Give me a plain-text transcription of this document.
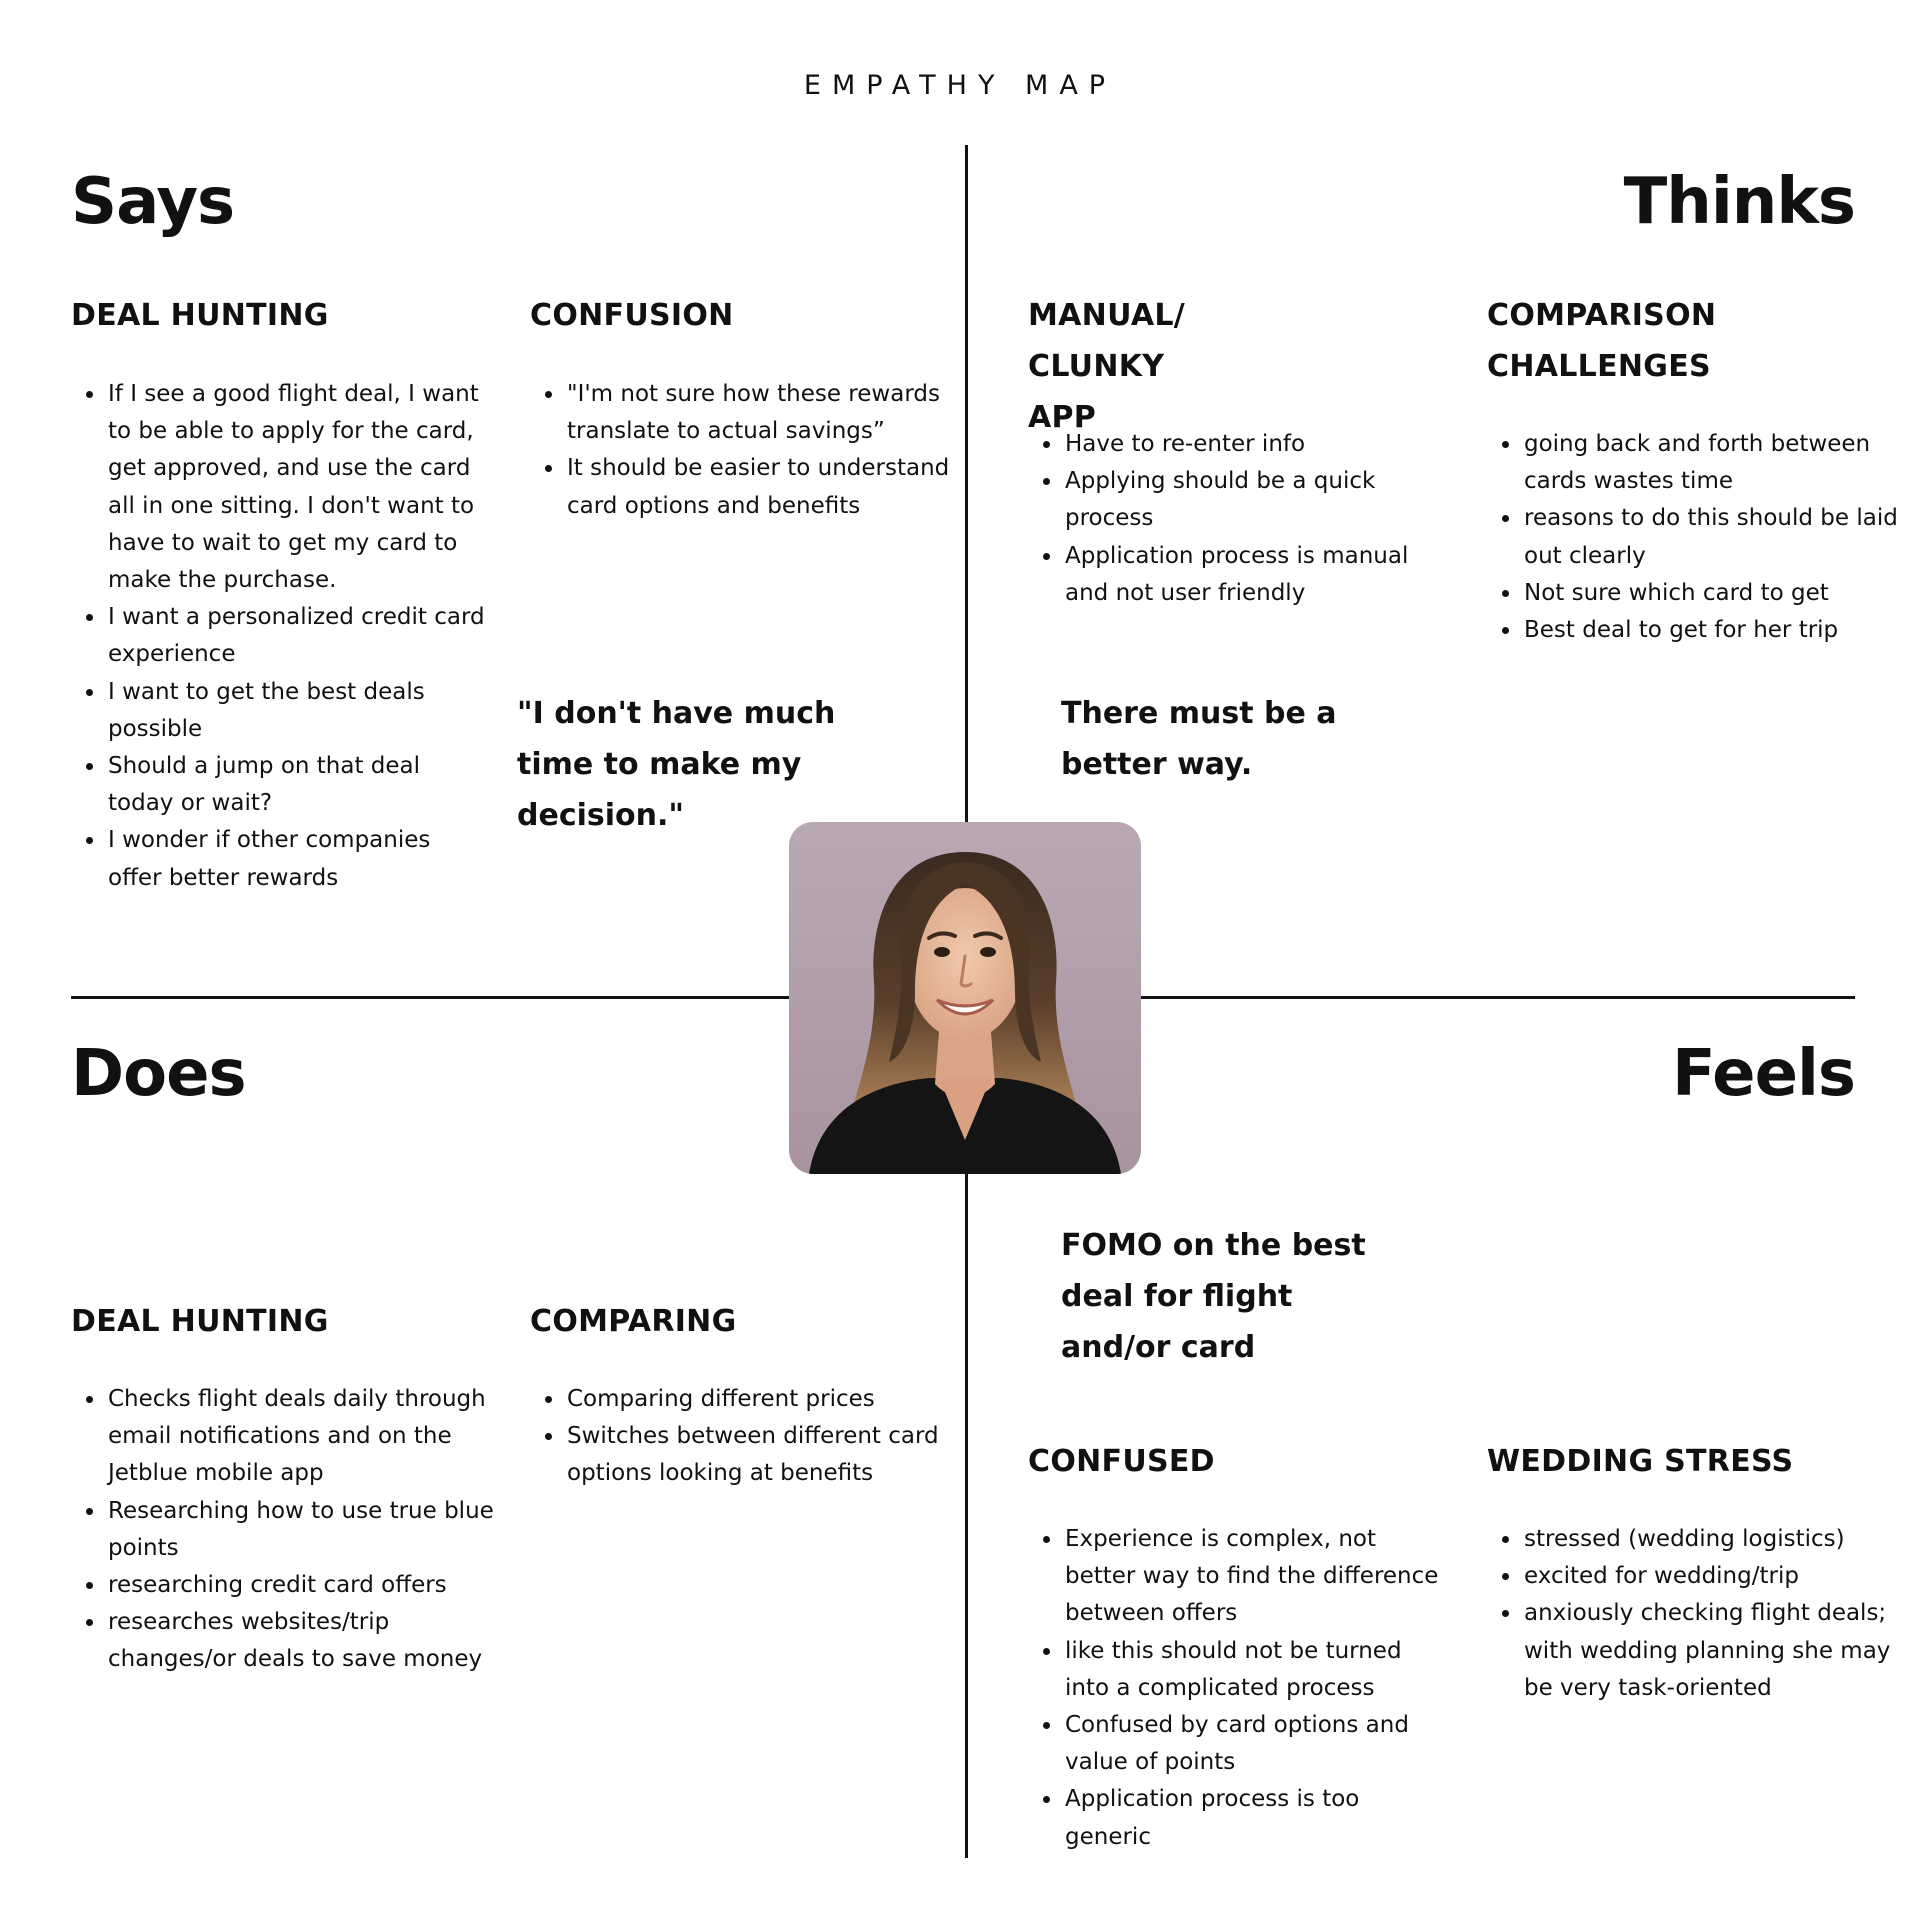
EMPATHY MAP
Says
DEAL HUNTING
• If I see a good flight deal, I want to be able to apply for the card, get approved, and use the card all in one sitting. I don't want to have to wait to get my card to make the purchase.
• I want a personalized credit card experience
• I want to get the best deals possible
• Should a jump on that deal today or wait?
• I wonder if other companies offer better rewards
CONFUSION
• "I'm not sure how these rewards translate to actual savings”
• It should be easier to understand card options and benefits
"I don't have much time to make my decision."
Thinks
MANUAL/ CLUNKY APP
• Have to re-enter info
• Applying should be a quick process
• Application process is manual and not user friendly
COMPARISON CHALLENGES
• going back and forth between cards wastes time
• reasons to do this should be laid out clearly
• Not sure which card to get
• Best deal to get for her trip
There must be a better way.
Does
DEAL HUNTING
• Checks flight deals daily through email notifications and on the Jetblue mobile app
• Researching how to use true blue points
• researching credit card offers
• researches websites/trip changes/or deals to save money
COMPARING
• Comparing different prices
• Switches between different card options looking at benefits
Feels
FOMO on the best deal for flight and/or card
CONFUSED
• Experience is complex, not better way to find the difference between offers
• like this should not be turned into a complicated process
• Confused by card options and value of points
• Application process is too generic
WEDDING STRESS
• stressed (wedding logistics)
• excited for wedding/trip
• anxiously checking flight deals; with wedding planning she may be very task-oriented
